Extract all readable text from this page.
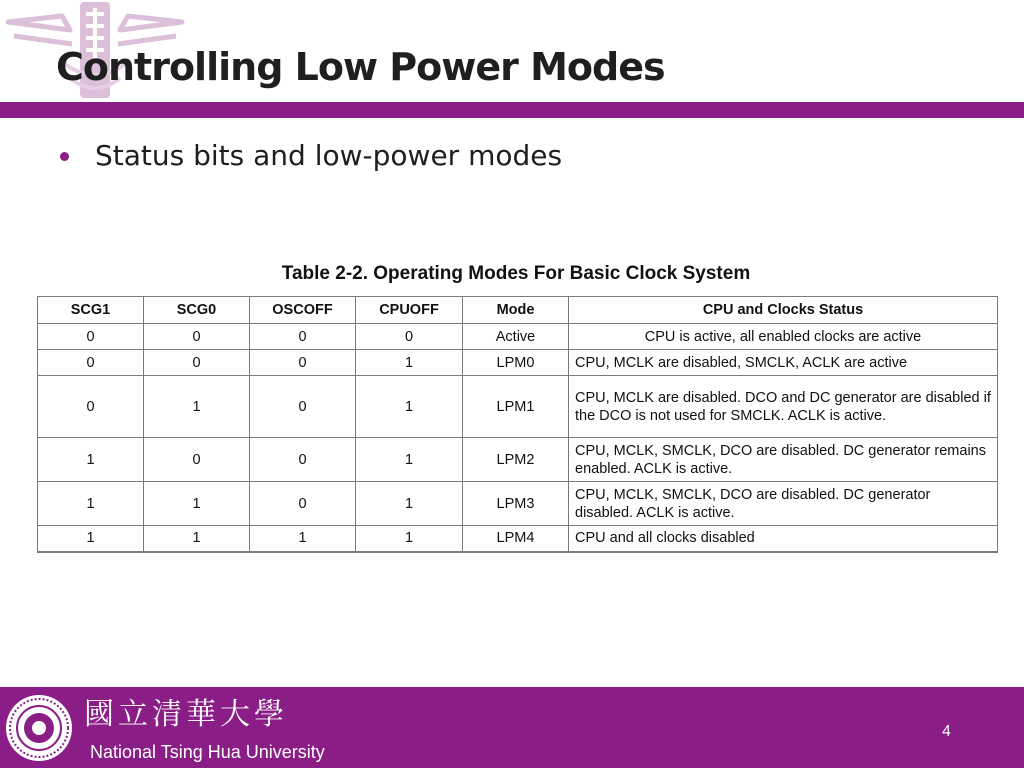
Controlling Low Power Modes
Status bits and low-power modes
Table 2-2. Operating Modes For Basic Clock System
SCG1	SCG0	OSCOFF	CPUOFF	Mode	CPU and Clocks Status
0	0	0	0	Active	CPU is active, all enabled clocks are active
0	0	0	1	LPM0	CPU, MCLK are disabled, SMCLK, ACLK are active
0	1	0	1	LPM1	CPU, MCLK are disabled. DCO and DC generator are disabled if the DCO is not used for SMCLK. ACLK is active.
1	0	0	1	LPM2	CPU, MCLK, SMCLK, DCO are disabled. DC generator remains enabled. ACLK is active.
1	1	0	1	LPM3	CPU, MCLK, SMCLK, DCO are disabled. DC generator disabled. ACLK is active.
1	1	1	1	LPM4	CPU and all clocks disabled
國立清華大學
National Tsing Hua University
4
